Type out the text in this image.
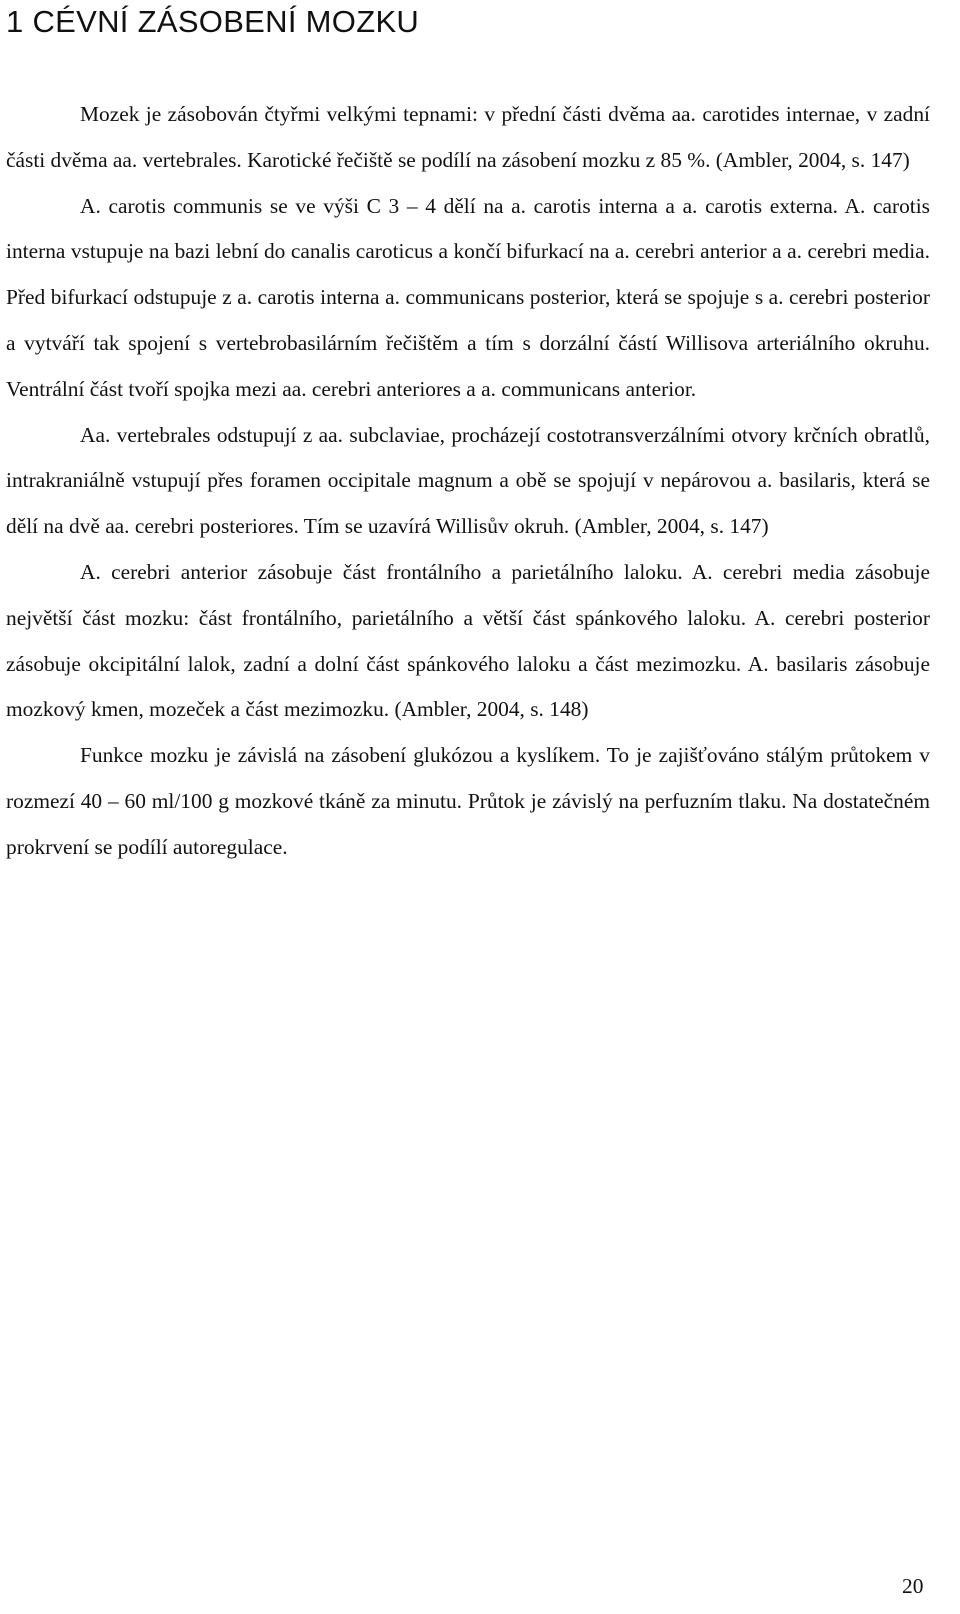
1 CÉVNÍ ZÁSOBENÍ MOZKU

Mozek je zásobován čtyřmi velkými tepnami: v přední části dvěma aa. carotides internae, v zadní části dvěma aa. vertebrales. Karotické řečiště se podílí na zásobení mozku z 85 %. (Ambler, 2004, s. 147)

A. carotis communis se ve výši C 3 – 4 dělí na a. carotis interna a a. carotis externa. A. carotis interna vstupuje na bazi lební do canalis caroticus a končí bifurkací na a. cerebri anterior a a. cerebri media. Před bifurkací odstupuje z a. carotis interna a. communicans posterior, která se spojuje s a. cerebri posterior a vytváří tak spojení s vertebrobasilárním řečištěm a tím s dorzální částí Willisova arteriálního okruhu. Ventrální část tvoří spojka mezi aa. cerebri anteriores a a. communicans anterior.

Aa. vertebrales odstupují z aa. subclaviae, procházejí costotransverzálními otvory krčních obratlů, intrakraniálně vstupují přes foramen occipitale magnum a obě se spojují v nepárovou a. basilaris, která se dělí na dvě aa. cerebri posteriores. Tím se uzavírá Willisův okruh. (Ambler, 2004, s. 147)

A. cerebri anterior zásobuje část frontálního a parietálního laloku. A. cerebri media zásobuje největší část mozku: část frontálního, parietálního a větší část spánkového laloku. A. cerebri posterior zásobuje okcipitální lalok, zadní a dolní část spánkového laloku a část mezimozku. A. basilaris zásobuje mozkový kmen, mozeček a část mezimozku. (Ambler, 2004, s. 148)

Funkce mozku je závislá na zásobení glukózou a kyslíkem. To je zajišťováno stálým průtokem v rozmezí 40 – 60 ml/100 g mozkové tkáně za minutu. Průtok je závislý na perfuzním tlaku. Na dostatečném prokrvení se podílí autoregulace.

20
